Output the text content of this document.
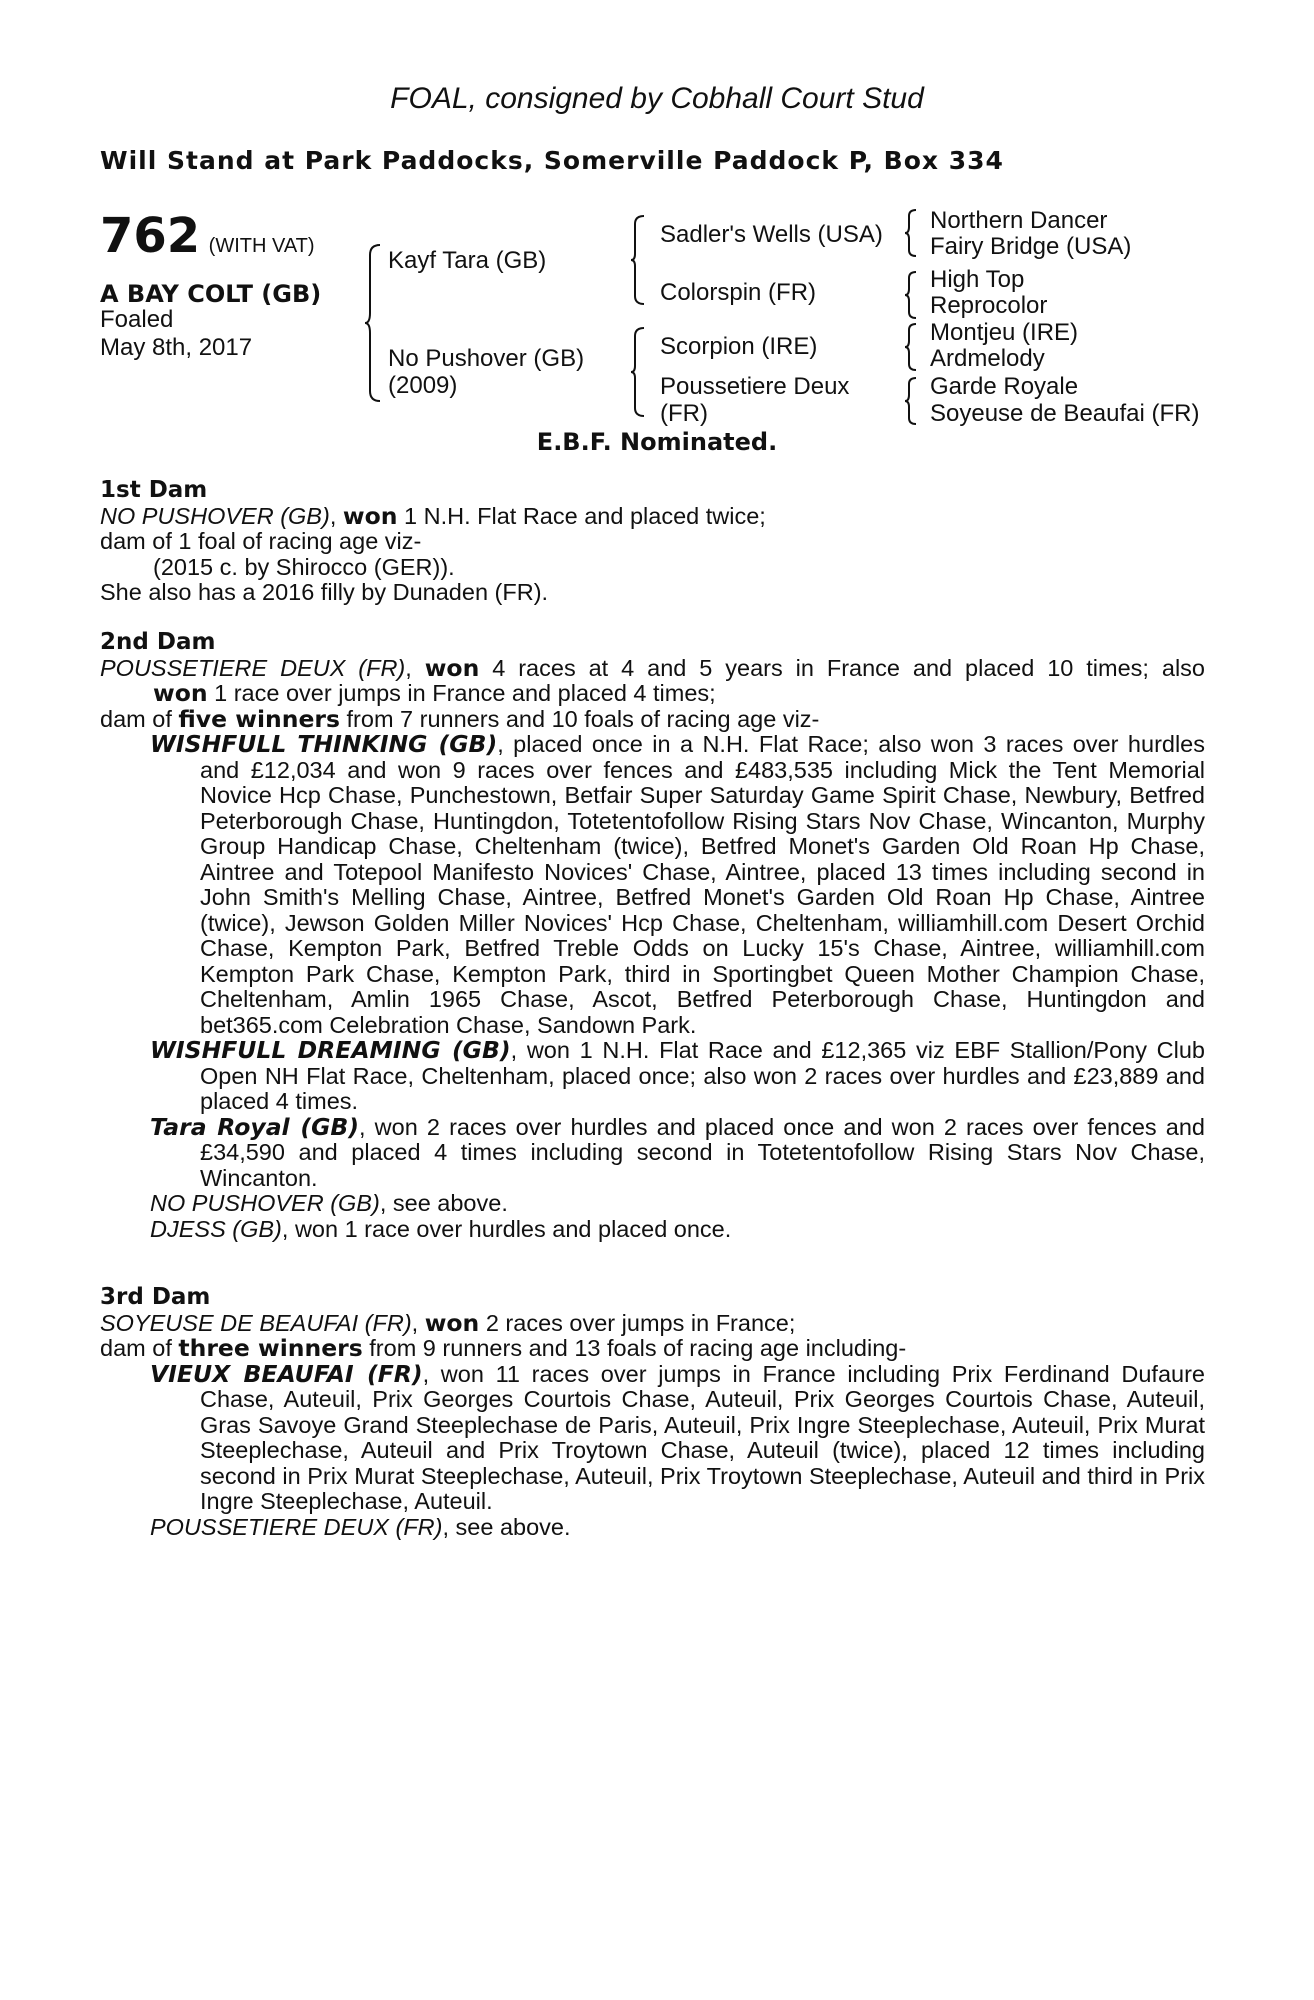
FOAL, consigned by Cobhall Court Stud
Will Stand at Park Paddocks, Somerville Paddock P, Box 334
762 (WITH VAT)
A BAY COLT (GB)
Foaled
May 8th, 2017
Kayf Tara (GB)
No Pushover (GB)
(2009)
Sadler's Wells (USA)
Colorspin (FR)
Scorpion (IRE)
Poussetiere Deux
(FR)
Northern Dancer
Fairy Bridge (USA)
High Top
Reprocolor
Montjeu (IRE)
Ardmelody
Garde Royale
Soyeuse de Beaufai (FR)
E.B.F. Nominated.
1st Dam
NO PUSHOVER (GB), won 1 N.H. Flat Race and placed twice;
dam of 1 foal of racing age viz-
(2015 c. by Shirocco (GER)).
She also has a 2016 filly by Dunaden (FR).
2nd Dam
POUSSETIERE DEUX (FR), won 4 races at 4 and 5 years in France and placed 10 times; also
won 1 race over jumps in France and placed 4 times;
dam of five winners from 7 runners and 10 foals of racing age viz-
WISHFULL THINKING (GB), placed once in a N.H. Flat Race; also won 3 races over hurdles and £12,034 and won 9 races over fences and £483,535 including Mick the Tent Memorial Novice Hcp Chase, Punchestown, Betfair Super Saturday Game Spirit Chase, Newbury, Betfred Peterborough Chase, Huntingdon, Totetentofollow Rising Stars Nov Chase, Wincanton, Murphy Group Handicap Chase, Cheltenham (twice), Betfred Monet's Garden Old Roan Hp Chase, Aintree and Totepool Manifesto Novices' Chase, Aintree, placed 13 times including second in John Smith's Melling Chase, Aintree, Betfred Monet's Garden Old Roan Hp Chase, Aintree (twice), Jewson Golden Miller Novices' Hcp Chase, Cheltenham, williamhill.com Desert Orchid Chase, Kempton Park, Betfred Treble Odds on Lucky 15's Chase, Aintree, williamhill.com Kempton Park Chase, Kempton Park, third in Sportingbet Queen Mother Champion Chase, Cheltenham, Amlin 1965 Chase, Ascot, Betfred Peterborough Chase, Huntingdon and bet365.com Celebration Chase, Sandown Park.
WISHFULL DREAMING (GB), won 1 N.H. Flat Race and £12,365 viz EBF Stallion/Pony Club Open NH Flat Race, Cheltenham, placed once; also won 2 races over hurdles and £23,889 and placed 4 times.
Tara Royal (GB), won 2 races over hurdles and placed once and won 2 races over fences and £34,590 and placed 4 times including second in Totetentofollow Rising Stars Nov Chase, Wincanton.
NO PUSHOVER (GB), see above.
DJESS (GB), won 1 race over hurdles and placed once.
3rd Dam
SOYEUSE DE BEAUFAI (FR), won 2 races over jumps in France;
dam of three winners from 9 runners and 13 foals of racing age including-
VIEUX BEAUFAI (FR), won 11 races over jumps in France including Prix Ferdinand Dufaure Chase, Auteuil, Prix Georges Courtois Chase, Auteuil, Prix Georges Courtois Chase, Auteuil, Gras Savoye Grand Steeplechase de Paris, Auteuil, Prix Ingre Steeplechase, Auteuil, Prix Murat Steeplechase, Auteuil and Prix Troytown Chase, Auteuil (twice), placed 12 times including second in Prix Murat Steeplechase, Auteuil, Prix Troytown Steeplechase, Auteuil and third in Prix Ingre Steeplechase, Auteuil.
POUSSETIERE DEUX (FR), see above.
